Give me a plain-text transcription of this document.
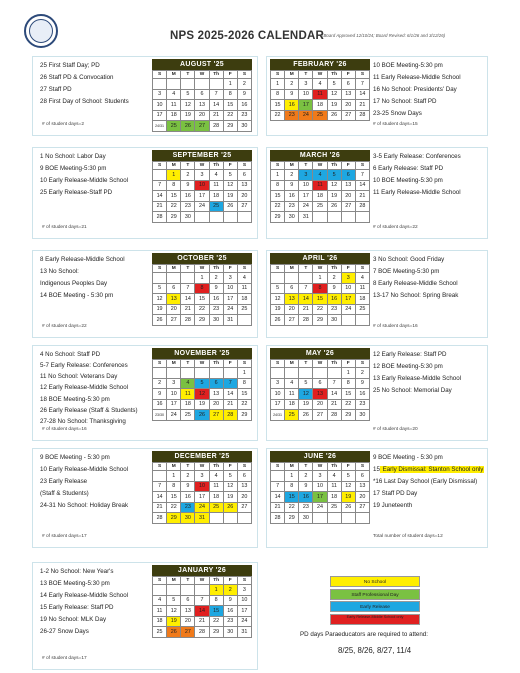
NPS 2025-2026 CALENDAR
(Board Approved 12/10/24; Board Revised: 6/1/26 and 3/12/26)
AUGUST '25
S	M	T	W	Th	F	S
					1	2
3	4	5	6	7	8	9
10	11	12	13	14	15	16
17	18	19	20	21	22	23
24/31	25	26	27	28	29	30
25 First Staff Day; PD
26 Staff PD & Convocation
27 Staff PD
28 First Day of School: Students
# of student days=2
FEBRUARY '26
S	M	T	W	Th	F	S
1	2	3	4	5	6	7
8	9	10	11	12	13	14
15	16	17	18	19	20	21
22	23	24	25	26	27	28
10 BOE Meeting-5:30 pm
11 Early Release-Middle School
16 No School: Presidents' Day
17 No School: Staff PD
23-25 Snow Days
# of student days=15
SEPTEMBER '25
S	M	T	W	Th	F	S
	1	2	3	4	5	6
7	8	9	10	11	12	13
14	15	16	17	18	19	20
21	22	23	24	25	26	27
28	29	30				
1 No School: Labor Day
9 BOE Meeting-5:30 pm
10 Early Release-Middle School
25 Early Release-Staff PD
# of student days=21
MARCH '26
S	M	T	W	Th	F	S
1	2	3	4	5	6	7
8	9	10	11	12	13	14
15	16	17	18	19	20	21
22	23	24	25	26	27	28
29	30	31				
3-5 Early Release: Conferences
6 Early Release: Staff PD
10 BOE Meeting-5:30 pm
11 Early Release-Middle School
# of student days=22
OCTOBER '25
S	M	T	W	Th	F	S
			1	2	3	4
5	6	7	8	9	10	11
12	13	14	15	16	17	18
19	20	21	22	23	24	25
26	27	28	29	30	31	
8 Early Release-Middle School
13 No School:
Indigenous Peoples Day
14 BOE Meeting - 5:30 pm
# of student days=22
APRIL '26
S	M	T	W	Th	F	S
			1	2	3	4
5	6	7	8	9	10	11
12	13	14	15	16	17	18
19	20	21	22	23	24	25
26	27	28	29	30		
3 No School: Good Friday
7 BOE Meeting-5:30 pm
8 Early Release-Middle School
13-17 No School: Spring Break
# of student days=16
NOVEMBER '25
S	M	T	W	Th	F	S
						1
2	3	4	5	6	7	8
9	10	11	12	13	14	15
16	17	18	19	20	21	22
23/30	24	25	26	27	28	29
4 No School: Staff PD
5-7 Early Release: Conferences
11 No School: Veterans Day
12 Early Release-Middle School
18 BOE Meeting-5:30 pm
26 Early Release (Staff & Students)
27-28 No School: Thanksgiving
# of student days=16
MAY '26
S	M	T	W	Th	F	S
					1	2
3	4	5	6	7	8	9
10	11	12	13	14	15	16
17	18	19	20	21	22	23
24/31	25	26	27	28	29	30
12 Early Release: Staff PD
12 BOE Meeting-5:30 pm
13 Early Release-Middle School
25 No School: Memorial Day
# of student days=20
DECEMBER '25
S	M	T	W	Th	F	S
	1	2	3	4	5	6
7	8	9	10	11	12	13
14	15	16	17	18	19	20
21	22	23	24	25	26	27
28	29	30	31			
9 BOE Meeting - 5:30 pm
10 Early Release-Middle School
23 Early Release
(Staff & Students)
24-31 No School: Holiday Break
# of student days=17
JUNE '26
S	M	T	W	Th	F	S
	1	2	3	4	5	6
7	8	9	10	11	12	13
14	15	16	17	18	19	20
21	22	23	24	25	26	27
28	29	30				
9 BOE Meeting - 5:30 pm
15 Early Dismissal: Stanton School only
*16 Last Day School (Early Dismissal)
17 Staff PD Day
19 Juneteenth
Total number of student days=12
JANUARY '26
S	M	T	W	Th	F	S
				1	2	3
4	5	6	7	8	9	10
11	12	13	14	15	16	17
18	19	20	21	22	23	24
25	26	27	28	29	30	31
1-2 No School: New Year's
13 BOE Meeting-5:30 pm
14 Early Release-Middle School
15 Early Release: Staff PD
19 No School: MLK Day
26-27 Snow Days
# of student days=17
No School
Staff Professional Day
Early Release
Early Release-Middle School only
PD days Paraeducators are required to attend:
8/25, 8/26, 8/27, 11/4
